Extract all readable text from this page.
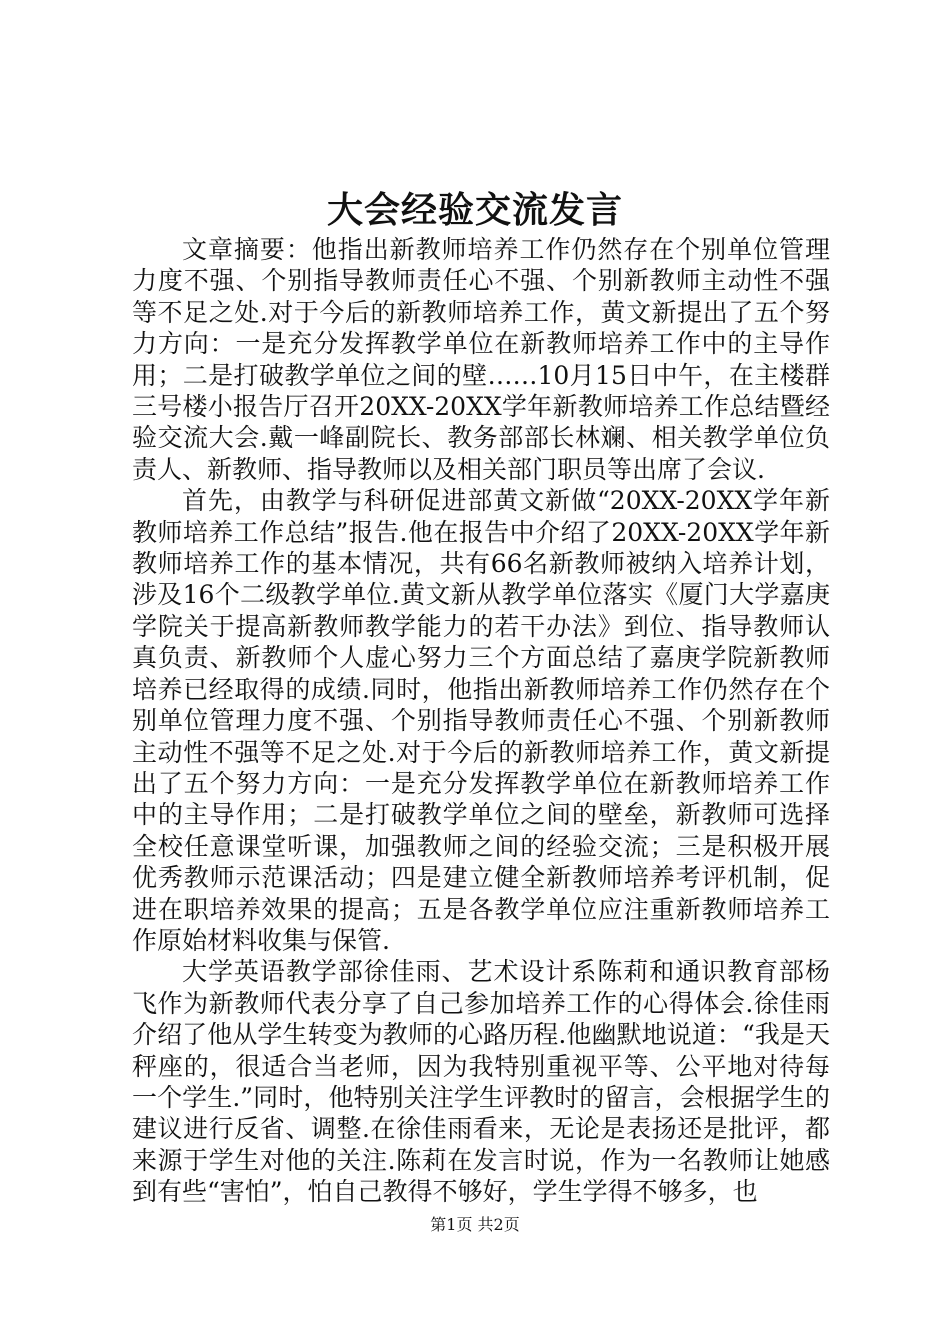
大会经验交流发言

文章摘要：他指出新教师培养工作仍然存在个别单位管理力度不强、个别指导教师责任心不强、个别新教师主动性不强等不足之处.对于今后的新教师培养工作，黄文新提出了五个努力方向：一是充分发挥教学单位在新教师培养工作中的主导作用；二是打破教学单位之间的壁……10月15日中午，在主楼群三号楼小报告厅召开20XX-20XX学年新教师培养工作总结暨经验交流大会.戴一峰副院长、教务部部长林斓、相关教学单位负责人、新教师、指导教师以及相关部门职员等出席了会议.

首先，由教学与科研促进部黄文新做“20XX-20XX学年新教师培养工作总结”报告.他在报告中介绍了20XX-20XX学年新教师培养工作的基本情况，共有66名新教师被纳入培养计划，涉及16个二级教学单位.黄文新从教学单位落实《厦门大学嘉庚学院关于提高新教师教学能力的若干办法》到位、指导教师认真负责、新教师个人虚心努力三个方面总结了嘉庚学院新教师培养已经取得的成绩.同时，他指出新教师培养工作仍然存在个别单位管理力度不强、个别指导教师责任心不强、个别新教师主动性不强等不足之处.对于今后的新教师培养工作，黄文新提出了五个努力方向：一是充分发挥教学单位在新教师培养工作中的主导作用；二是打破教学单位之间的壁垒，新教师可选择全校任意课堂听课，加强教师之间的经验交流；三是积极开展优秀教师示范课活动；四是建立健全新教师培养考评机制，促进在职培养效果的提高；五是各教学单位应注重新教师培养工作原始材料收集与保管.

大学英语教学部徐佳雨、艺术设计系陈莉和通识教育部杨飞作为新教师代表分享了自己参加培养工作的心得体会.徐佳雨介绍了他从学生转变为教师的心路历程.他幽默地说道：“我是天秤座的，很适合当老师，因为我特别重视平等、公平地对待每一个学生.”同时，他特别关注学生评教时的留言，会根据学生的建议进行反省、调整.在徐佳雨看来，无论是表扬还是批评，都来源于学生对他的关注.陈莉在发言时说，作为一名教师让她感到有些“害怕”，怕自己教得不够好，学生学得不够多，也

第1页 共2页
